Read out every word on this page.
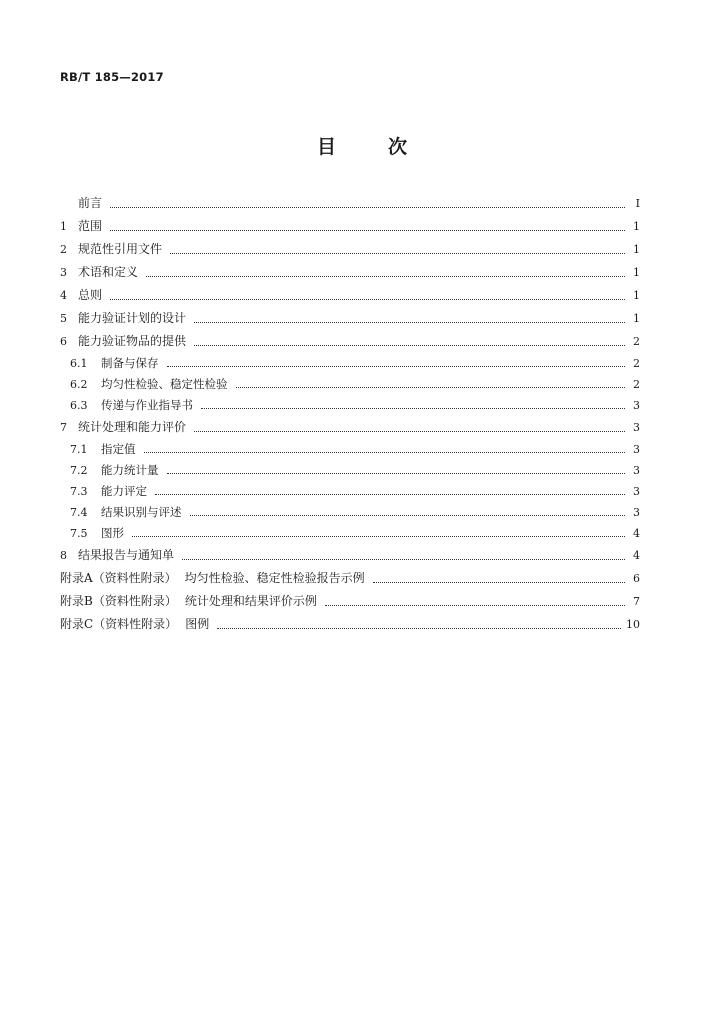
RB/T 185—2017
目	次
前言	Ⅰ
1 范围	1
2 规范性引用文件	1
3 术语和定义	1
4 总则	1
5 能力验证计划的设计	1
6 能力验证物品的提供	2
6.1	制备与保存	2
6.2	均匀性检验、稳定性检验	2
6.3	传递与作业指导书	3
7 统计处理和能力评价	3
7.1	指定值	3
7.2	能力统计量	3
7.3	能力评定	3
7.4	结果识别与评述	3
7.5	图形	4
8 结果报告与通知单	4
附录A（资料性附录） 均匀性检验、稳定性检验报告示例	6
附录B（资料性附录） 统计处理和结果评价示例	7
附录C（资料性附录） 图例	10
